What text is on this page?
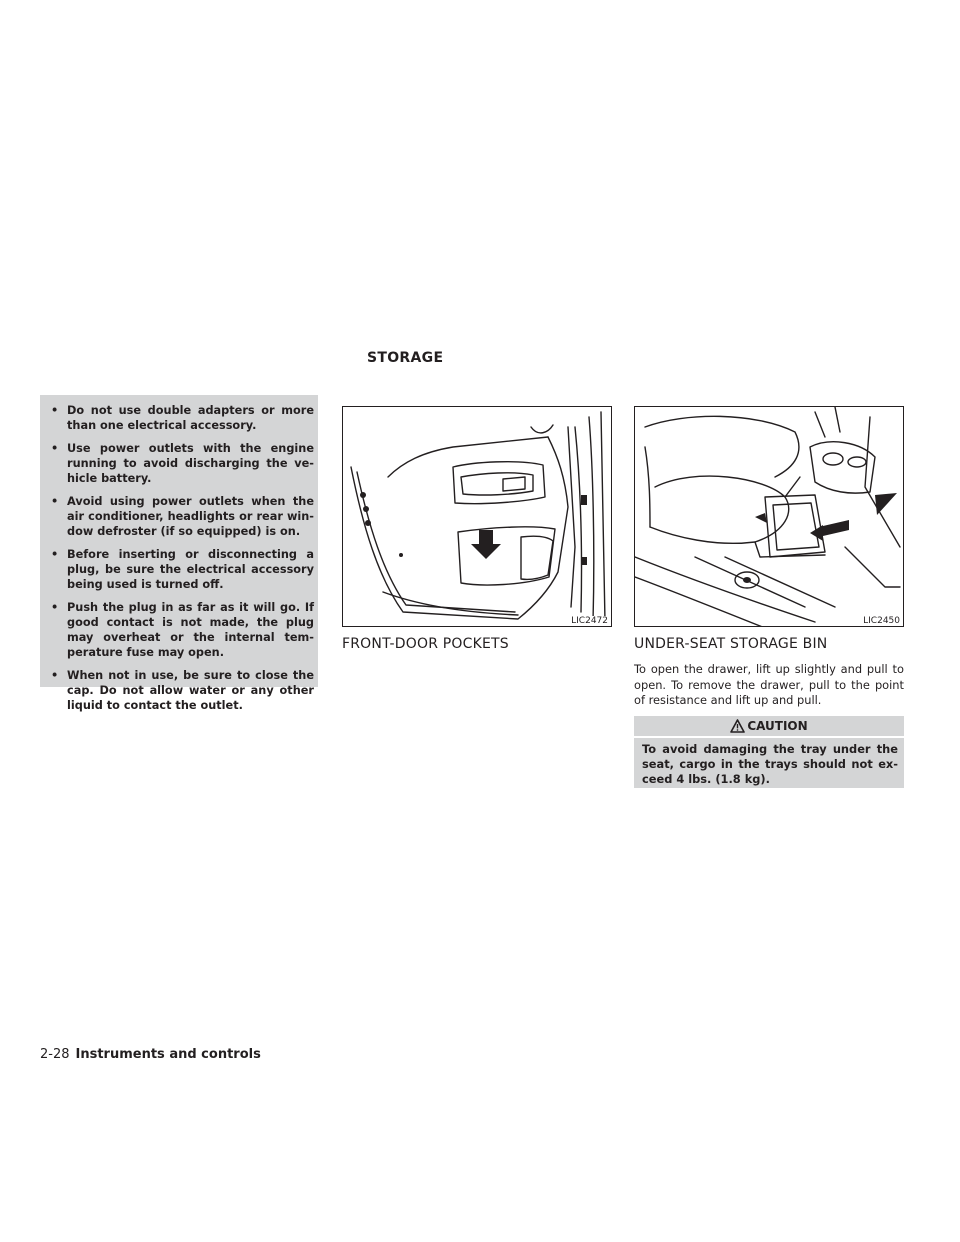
STORAGE
• Do not use double adapters or more than one electrical accessory.
• Use power outlets with the engine running to avoid discharging the ve- hicle battery.
• Avoid using power outlets when the air conditioner, headlights or rear win- dow defroster (if so equipped) is on.
• Before inserting or disconnecting a plug, be sure the electrical accessory being used is turned off.
• Push the plug in as far as it will go. If good contact is not made, the plug may overheat or the internal tem- perature fuse may open.
• When not in use, be sure to close the cap. Do not allow water or any other liquid to contact the outlet.
LIC2472	LIC2450
FRONT-DOOR POCKETS	UNDER-SEAT STORAGE BIN

To open the drawer, lift up slightly and pull to open. To remove the drawer, pull to the point of resistance and lift up and pull.

CAUTION
To avoid damaging the tray under the seat, cargo in the trays should not ex- ceed 4 lbs. (1.8 kg).
2-28 Instruments and controls
